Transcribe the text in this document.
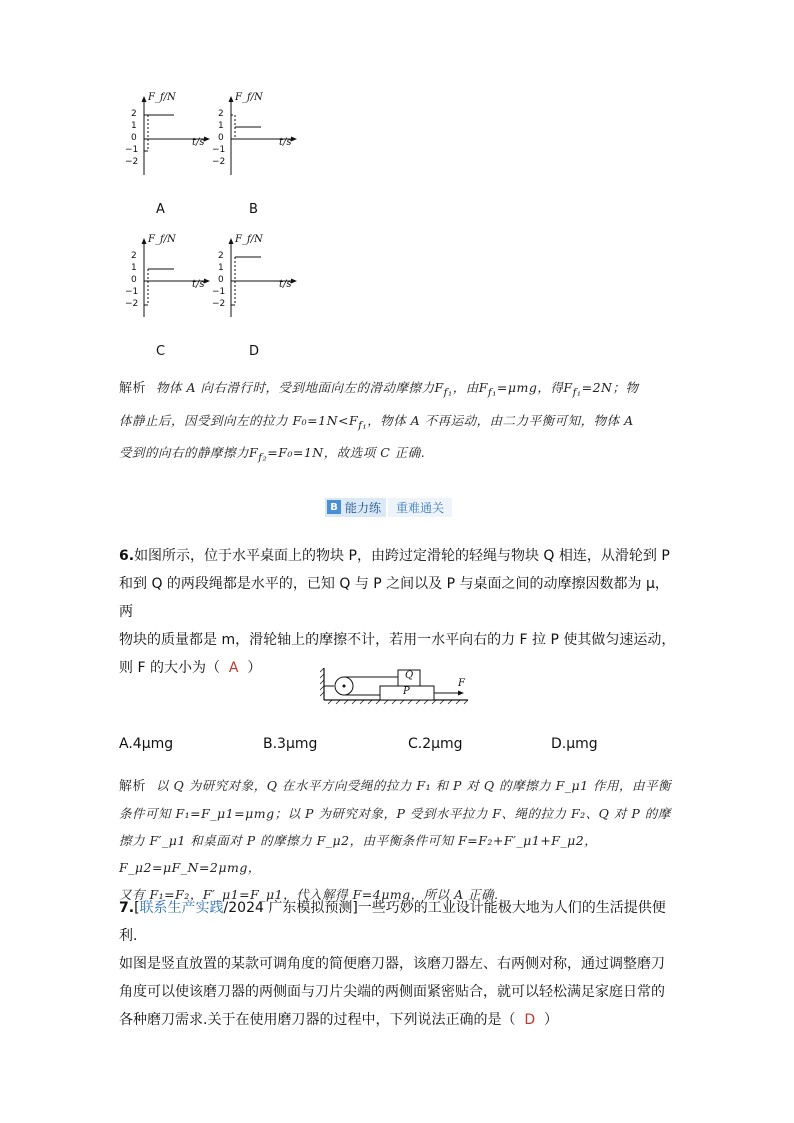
F_f/N
t/s
2
1
0
−1
−2
F_f/N
t/s
2
1
0
−1
−2
F_f/N
t/s
2
1
0
−1
−2
F_f/N
t/s
2
1
0
−1
−2
A	B
C	D
解析 物体 A 向右滑行时，受到地面向左的滑动摩擦力$F_{f_1}$，由$F_{f_1}=\mu mg$，得$F_{f_1}=2N$；物
体静止后，因受到向左的拉力 $F_0=1N<F_{f_1}$，物体 A 不再运动，由二力平衡可知，物体 A
受到的向右的静摩擦力$F_{f_2}=F_0=1N$，故选项 C 正确.
B 能力练	重难通关
6.如图所示，位于水平桌面上的物块 P，由跨过定滑轮的轻绳与物块 Q 相连，从滑轮到 P
和到 Q 的两段绳都是水平的，已知 Q 与 P 之间以及 P 与桌面之间的动摩擦因数都为 μ，两
物块的质量都是 m，滑轮轴上的摩擦不计，若用一水平向右的力 F 拉 P 使其做匀速运动，
则 F 的大小为（ A ）	Q
P
F
A.4μmg	B.3μmg	C.2μmg	D.μmg
解析 以 Q 为研究对象，Q 在水平方向受绳的拉力 F₁ 和 P 对 Q 的摩擦力 F_μ1 作用，由平衡
条件可知 F₁=F_μ1=μmg；以 P 为研究对象，P 受到水平拉力 F、绳的拉力 F₂、Q 对 P 的摩
擦力 F′_μ1 和桌面对 P 的摩擦力 F_μ2，由平衡条件可知 F=F₂+F′_μ1+F_μ2，F_μ2=μF_N=2μmg，
又有 F₁=F₂，F′_μ1=F_μ1，代入解得 F=4μmg，所以 A 正确.
7.[联系生产实践/2024 广东模拟预测]一些巧妙的工业设计能极大地为人们的生活提供便利.
如图是竖直放置的某款可调角度的简便磨刀器，该磨刀器左、右两侧对称，通过调整磨刀
角度可以使该磨刀器的两侧面与刀片尖端的两侧面紧密贴合，就可以轻松满足家庭日常的
各种磨刀需求.关于在使用磨刀器的过程中，下列说法正确的是（ D ）
